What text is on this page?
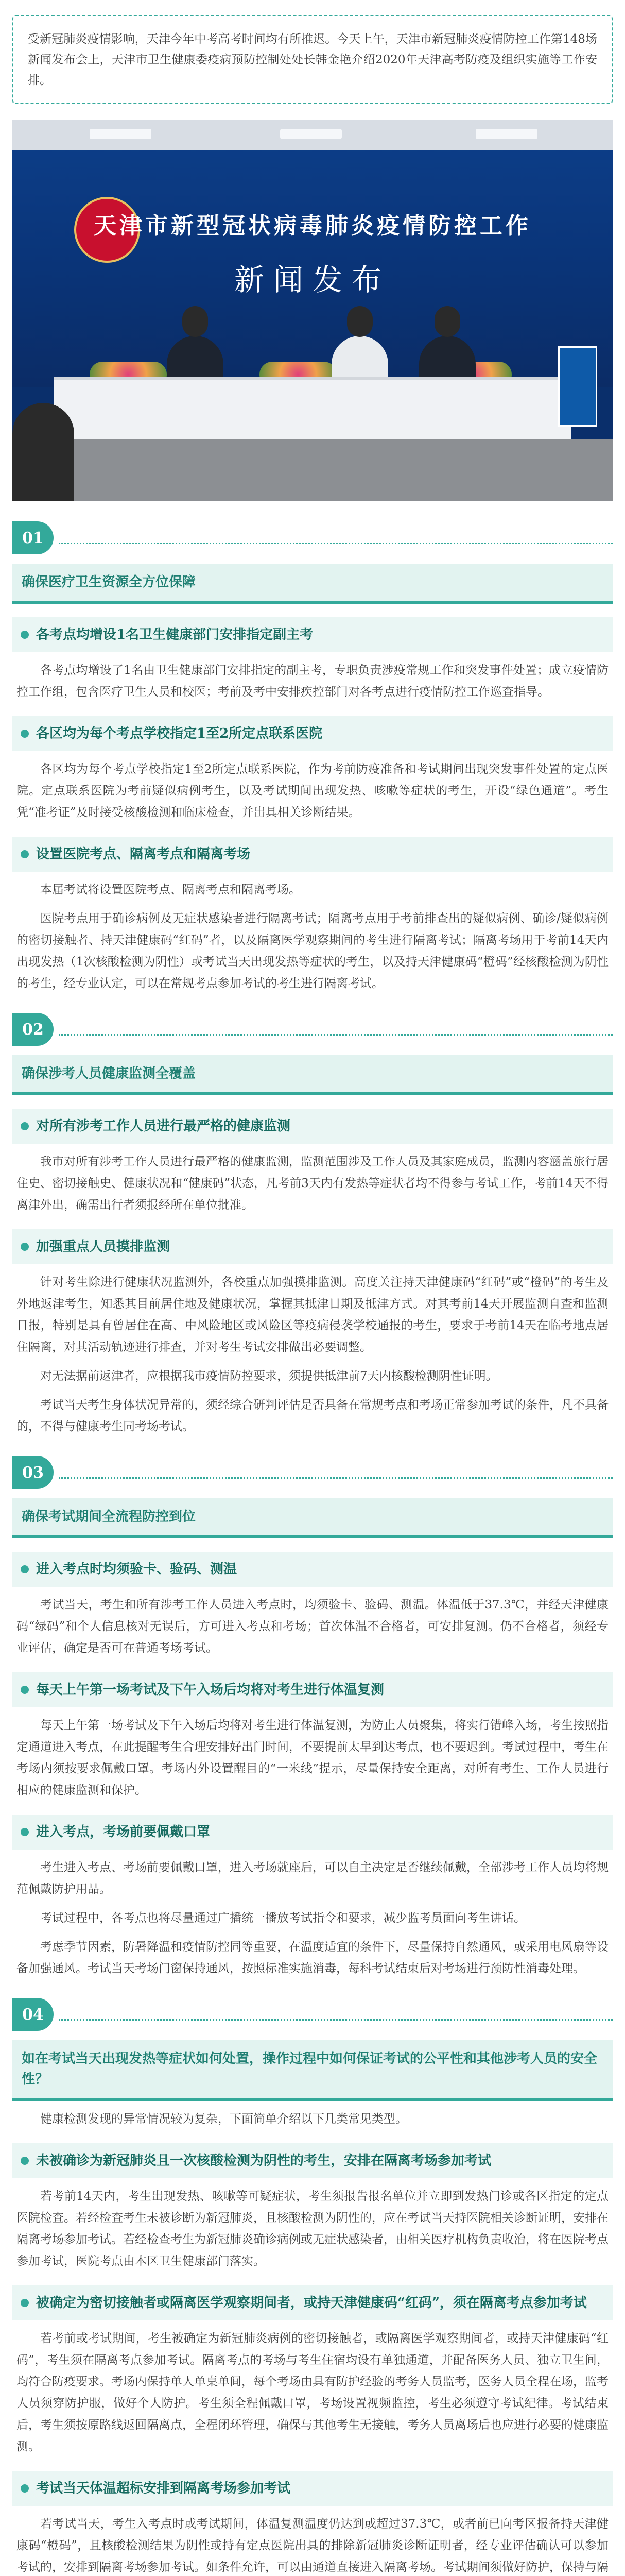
受新冠肺炎疫情影响，天津今年中考高考时间均有所推迟。今天上午，天津市新冠肺炎疫情防控工作第148场新闻发布会上，天津市卫生健康委疫病预防控制处处长韩金艳介绍2020年天津高考防疫及组织实施等工作安排。

天津市新型冠状病毒肺炎疫情防控工作
新闻发布
01
确保医疗卫生资源全方位保障
各考点均增设1名卫生健康部门安排指定副主考

各考点均增设了1名由卫生健康部门安排指定的副主考，专职负责涉疫常规工作和突发事件处置；成立疫情防控工作组，包含医疗卫生人员和校医；考前及考中安排疾控部门对各考点进行疫情防控工作巡查指导。

各区均为每个考点学校指定1至2所定点联系医院

各区均为每个考点学校指定1至2所定点联系医院，作为考前防疫准备和考试期间出现突发事件处置的定点医院。定点联系医院为考前疑似病例考生，以及考试期间出现发热、咳嗽等症状的考生，开设“绿色通道”。考生凭“准考证”及时接受核酸检测和临床检查，并出具相关诊断结果。

设置医院考点、隔离考点和隔离考场

本届考试将设置医院考点、隔离考点和隔离考场。

医院考点用于确诊病例及无症状感染者进行隔离考试；隔离考点用于考前排查出的疑似病例、确诊/疑似病例的密切接触者、持天津健康码“红码”者，以及隔离医学观察期间的考生进行隔离考试；隔离考场用于考前14天内出现发热（1次核酸检测为阴性）或考试当天出现发热等症状的考生，以及持天津健康码“橙码”经核酸检测为阴性的考生，经专业认定，可以在常规考点参加考试的考生进行隔离考试。

02
确保涉考人员健康监测全覆盖
对所有涉考工作人员进行最严格的健康监测

我市对所有涉考工作人员进行最严格的健康监测，监测范围涉及工作人员及其家庭成员，监测内容涵盖旅行居住史、密切接触史、健康状况和“健康码”状态，凡考前3天内有发热等症状者均不得参与考试工作，考前14天不得离津外出，确需出行者须报经所在单位批准。

加强重点人员摸排监测

针对考生除进行健康状况监测外，各校重点加强摸排监测。高度关注持天津健康码“红码”或“橙码”的考生及外地返津考生，知悉其目前居住地及健康状况，掌握其抵津日期及抵津方式。对其考前14天开展监测自查和监测日报，特别是具有曾居住在高、中风险地区或风险区等疫病侵袭学校通报的考生，要求于考前14天在临考地点居住隔离，对其活动轨迹进行排查，并对考生考试安排做出必要调整。

对无法据前返津者，应根据我市疫情防控要求，须提供抵津前7天内核酸检测阴性证明。

考试当天考生身体状况异常的，须经综合研判评估是否具备在常规考点和考场正常参加考试的条件，凡不具备的，不得与健康考生同考场考试。

03
确保考试期间全流程防控到位
进入考点时均须验卡、验码、测温

考试当天，考生和所有涉考工作人员进入考点时，均须验卡、验码、测温。体温低于37.3℃，并经天津健康码“绿码”和个人信息核对无误后，方可进入考点和考场；首次体温不合格者，可安排复测。仍不合格者，须经专业评估，确定是否可在普通考场考试。

每天上午第一场考试及下午入场后均将对考生进行体温复测

每天上午第一场考试及下午入场后均将对考生进行体温复测，为防止人员聚集，将实行错峰入场，考生按照指定通道进入考点，在此提醒考生合理安排好出门时间，不要提前太早到达考点，也不要迟到。考试过程中，考生在考场内须按要求佩戴口罩。考场内外设置醒目的“一米线”提示，尽量保持安全距离，对所有考生、工作人员进行相应的健康监测和保护。

进入考点，考场前要佩戴口罩

考生进入考点、考场前要佩戴口罩，进入考场就座后，可以自主决定是否继续佩戴，全部涉考工作人员均将规范佩戴防护用品。

考试过程中，各考点也将尽量通过广播统一播放考试指令和要求，减少监考员面向考生讲话。

考虑季节因素，防暑降温和疫情防控同等重要，在温度适宜的条件下，尽量保持自然通风，或采用电风扇等设备加强通风。考试当天考场门窗保持通风，按照标准实施消毒，每科考试结束后对考场进行预防性消毒处理。

04
如在考试当天出现发热等症状如何处置，操作过程中如何保证考试的公平性和其他涉考人员的安全性？

健康检测发现的异常情况较为复杂，下面简单介绍以下几类常见类型。

未被确诊为新冠肺炎且一次核酸检测为阴性的考生，安排在隔离考场参加考试

若考前14天内，考生出现发热、咳嗽等可疑症状，考生须报告报名单位并立即到发热门诊或各区指定的定点医院检查。若经检查考生未被诊断为新冠肺炎，且核酸检测为阴性的，应在考试当天持医院相关诊断证明，安排在隔离考场参加考试。若经检查考生为新冠肺炎确诊病例或无症状感染者，由相关医疗机构负责收治，将在医院考点参加考试，医院考点由本区卫生健康部门落实。

被确定为密切接触者或隔离医学观察期间者，或持天津健康码“红码”，须在隔离考点参加考试

若考前或考试期间，考生被确定为新冠肺炎病例的密切接触者，或隔离医学观察期间者，或持天津健康码“红码”，考生须在隔离考点参加考试。隔离考点的考场与考生住宿均设有单独通道，并配备医务人员、独立卫生间，均符合防疫要求。考场内保持单人单桌单间，每个考场由具有防护经验的考务人员监考，医务人员全程在场，监考人员须穿防护服，做好个人防护。考生须全程佩戴口罩，考场设置视频监控，考生必须遵守考试纪律。考试结束后，考生须按原路线返回隔离点，全程闭环管理，确保与其他考生无接触，考务人员离场后也应进行必要的健康监测。

考试当天体温超标安排到隔离考场参加考试

若考试当天，考生入考点时或考试期间，体温复测温度仍达到或超过37.3℃，或者前已向考区报备持天津健康码“橙码”，且核酸检测结果为阴性或持有定点医院出具的排除新冠肺炎诊断证明者，经专业评估确认可以参加考试的，安排到隔离考场参加考试。如条件允许，可以由通道直接进入隔离考场。考试期间须做好防护，保持与隔
